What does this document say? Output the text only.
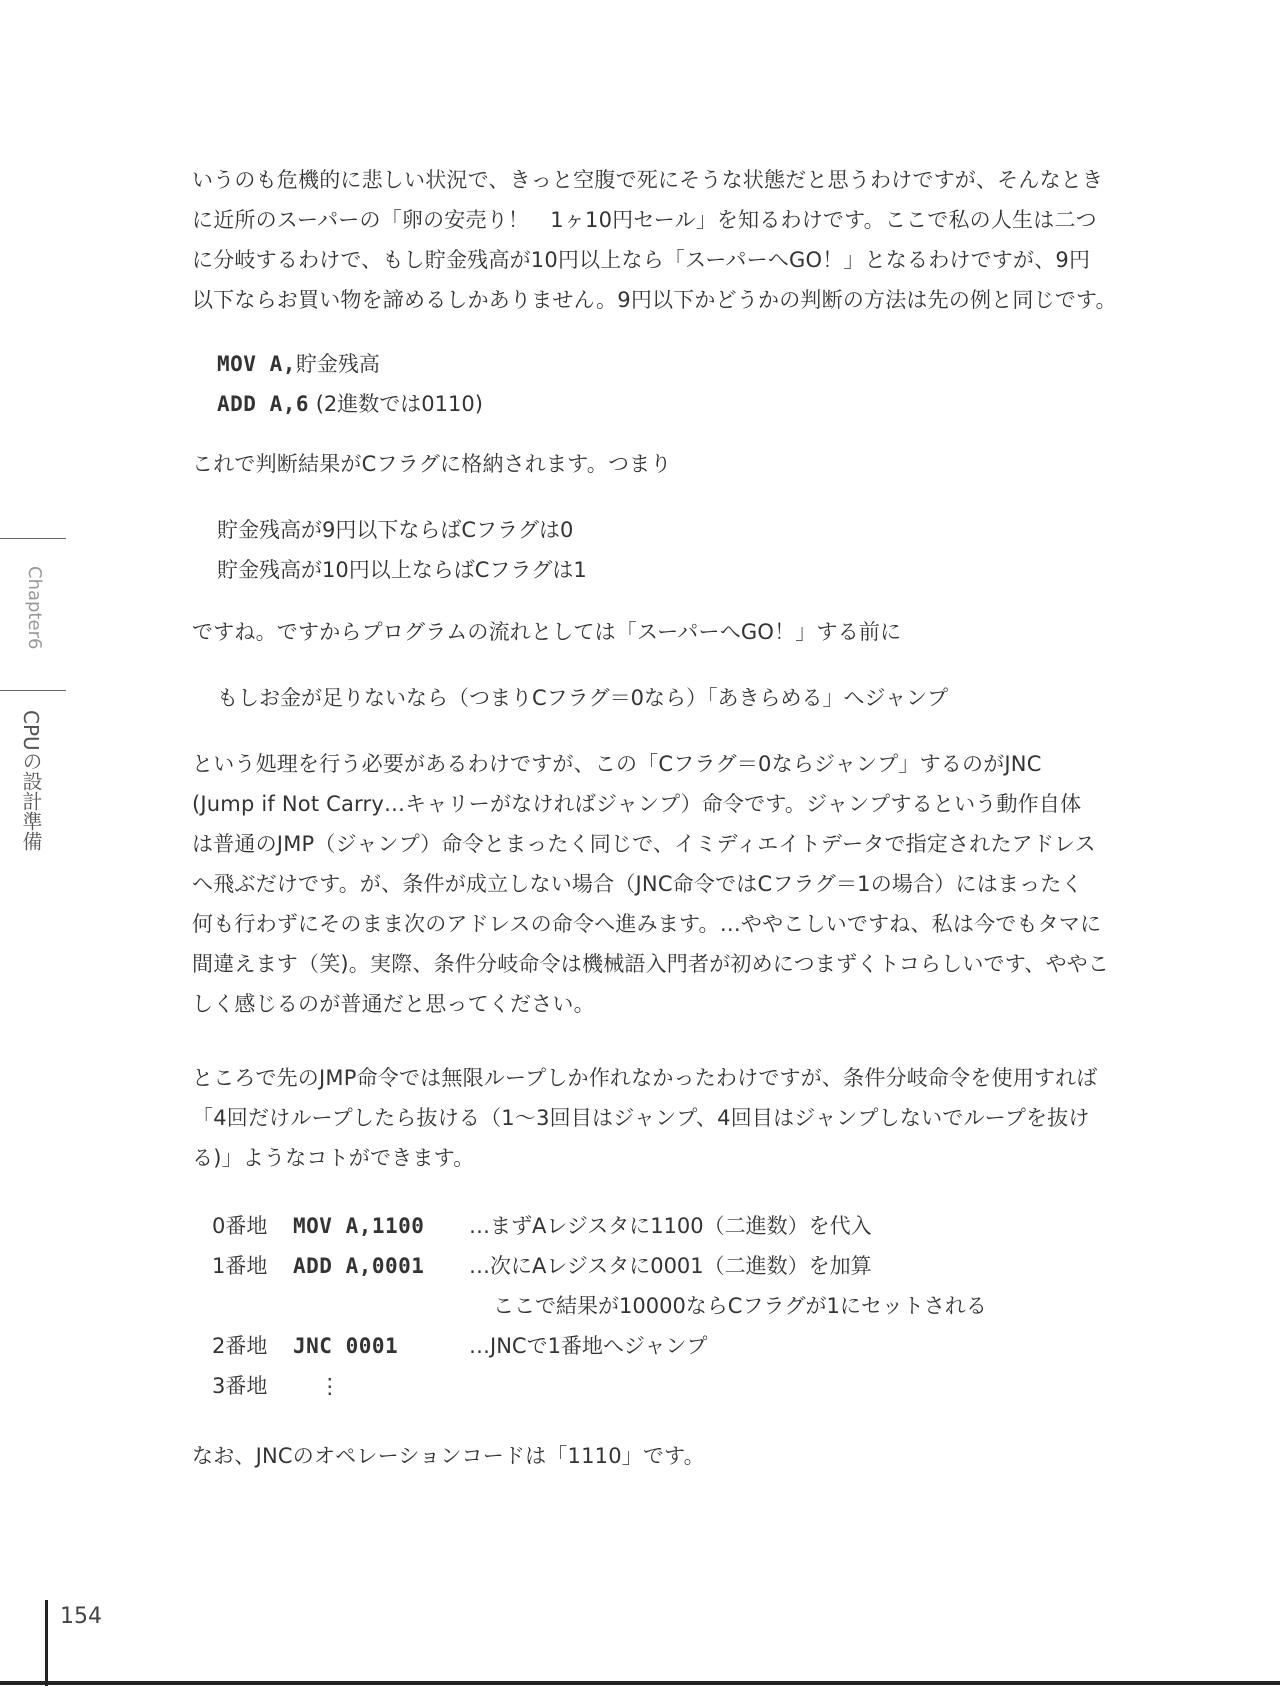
いうのも危機的に悲しい状況で、きっと空腹で死にそうな状態だと思うわけですが、そんなとき
に近所のスーパーの「卵の安売り！　1ヶ10円セール」を知るわけです。ここで私の人生は二つ
に分岐するわけで、もし貯金残高が10円以上なら「スーパーへGO！」となるわけですが、9円
以下ならお買い物を諦めるしかありません。9円以下かどうかの判断の方法は先の例と同じです。

MOV A,貯金残高
ADD A,6 (2進数では0110)

これで判断結果がCフラグに格納されます。つまり

貯金残高が9円以下ならばCフラグは0
貯金残高が10円以上ならばCフラグは1

ですね。ですからプログラムの流れとしては「スーパーへGO！」する前に

もしお金が足りないなら（つまりCフラグ＝0なら）「あきらめる」へジャンプ

という処理を行う必要があるわけですが、この「Cフラグ＝0ならジャンプ」するのがJNC
(Jump if Not Carry…キャリーがなければジャンプ）命令です。ジャンプするという動作自体
は普通のJMP（ジャンプ）命令とまったく同じで、イミディエイトデータで指定されたアドレス
へ飛ぶだけです。が、条件が成立しない場合（JNC命令ではCフラグ＝1の場合）にはまったく
何も行わずにそのまま次のアドレスの命令へ進みます。…ややこしいですね、私は今でもタマに
間違えます（笑)。実際、条件分岐命令は機械語入門者が初めにつまずくトコらしいです、ややこ
しく感じるのが普通だと思ってください。

ところで先のJMP命令では無限ループしか作れなかったわけですが、条件分岐命令を使用すれば
「4回だけループしたら抜ける（1〜3回目はジャンプ、4回目はジャンプしないでループを抜け
る)」ようなコトができます。

0番地	MOV A,1100	…まずAレジスタに1100（二進数）を代入
1番地	ADD A,0001	…次にAレジスタに0001（二進数）を加算
ここで結果が10000ならCフラグが1にセットされる
2番地	JNC 0001	…JNCで1番地へジャンプ
3番地	⋮

なお、JNCのオペレーションコードは「1110」です。

Chapter6
CPUの設計準備
154
